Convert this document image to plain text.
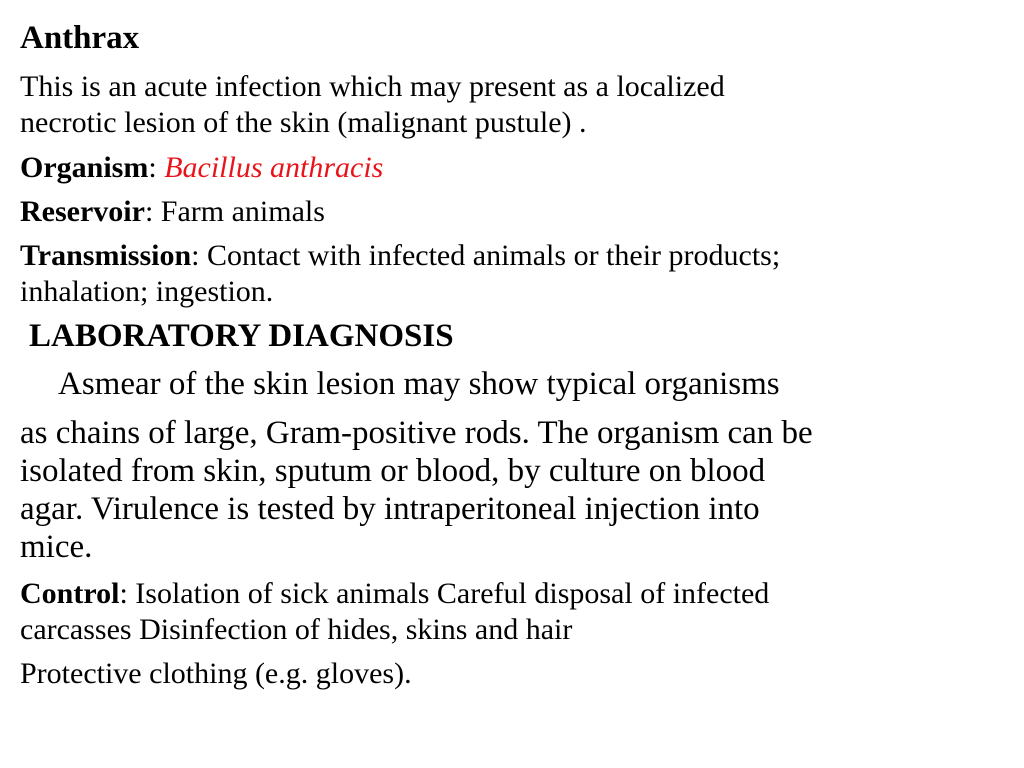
Anthrax
This is an acute infection which may present as a localized
necrotic lesion of the skin (malignant pustule) .
Organism: Bacillus anthracis
Reservoir: Farm animals
Transmission: Contact with infected animals or their products;
inhalation; ingestion.
LABORATORY DIAGNOSIS
Asmear of the skin lesion may show typical organisms
as chains of large, Gram-positive rods. The organism can be
isolated from skin, sputum or blood, by culture on blood
agar. Virulence is tested by intraperitoneal injection into
mice.
Control: Isolation of sick animals Careful disposal of infected
carcasses Disinfection of hides, skins and hair
Protective clothing (e.g. gloves).
